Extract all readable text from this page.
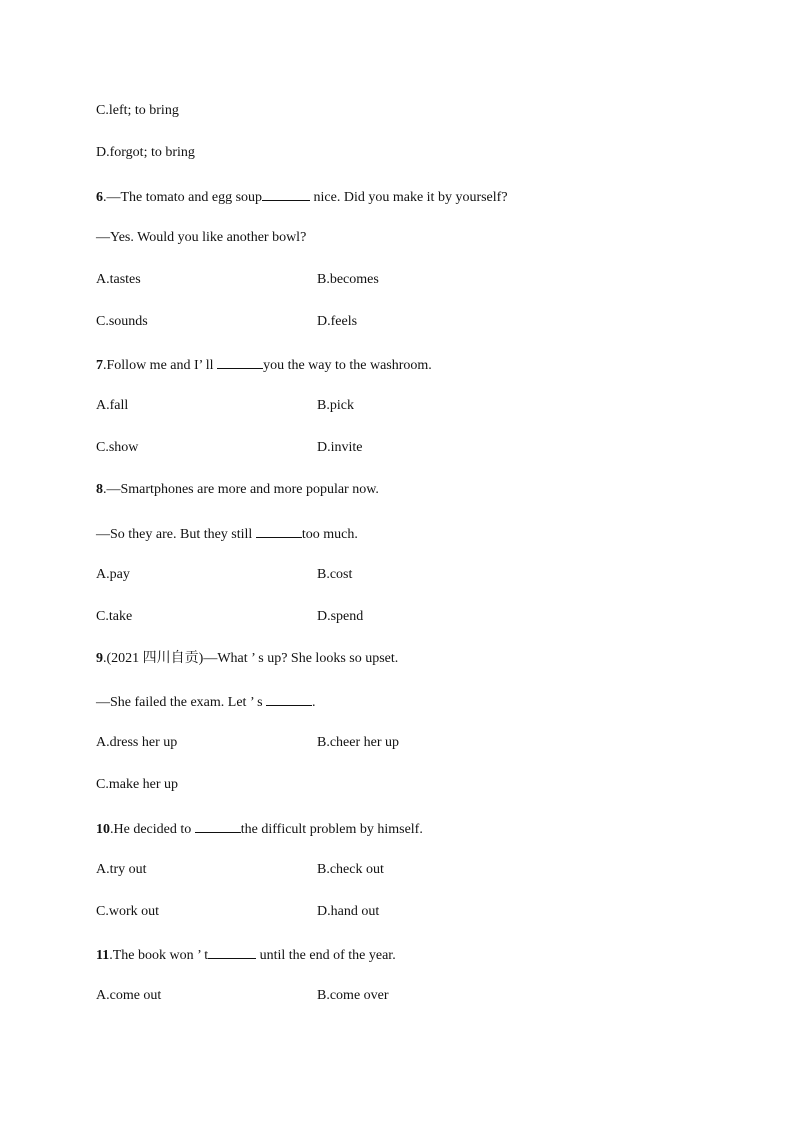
C.left; to bring
D.forgot; to bring
6.—The tomato and egg soup	nice. Did you make it by yourself?
—Yes. Would you like another bowl?
A.tastes	B.becomes
C.sounds	D.feels
7.Follow me and I’ ll	you the way to the washroom.
A.fall	B.pick
C.show	D.invite
8.—Smartphones are more and more popular now.
—So they are. But they still	too much.
A.pay	B.cost
C.take	D.spend
9.(2021 四川自贡)—What ’ s up? She looks so upset.
—She failed the exam. Let ’ s	.
A.dress her up	B.cheer her up
C.make her up
10.He decided to	the difficult problem by himself.
A.try out	B.check out
C.work out	D.hand out
11.The book won ’ t	until the end of the year.
A.come out	B.come over
